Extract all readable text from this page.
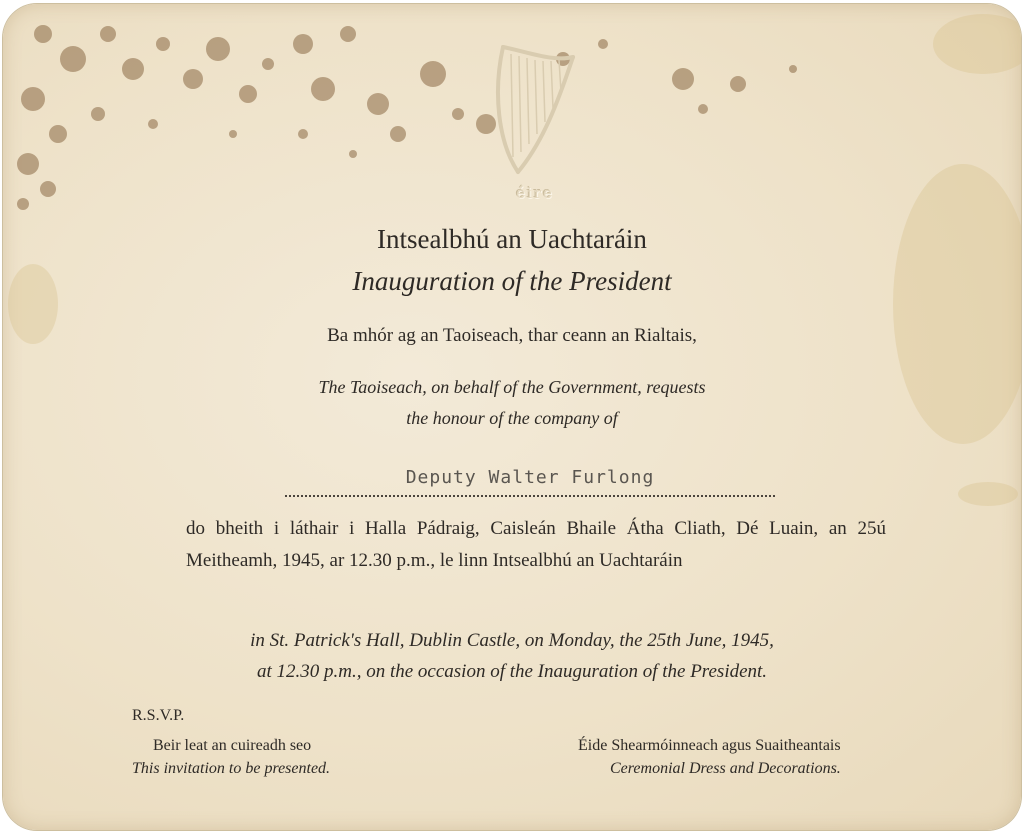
éire
Intsealbhú an Uachtaráin
Inauguration of the President
Ba mhór ag an Taoiseach, thar ceann an Rialtais,
The Taoiseach, on behalf of the Government, requests
the honour of the company of
Deputy Walter Furlong
do bheith i láthair i Halla Pádraig, Caisleán Bhaile Átha Cliath, Dé Luain, an 25ú Meitheamh, 1945, ar 12.30 p.m., le linn Intsealbhú an Uachtaráin
in St. Patrick's Hall, Dublin Castle, on Monday, the 25th June, 1945,
at 12.30 p.m., on the occasion of the Inauguration of the President.
R.S.V.P.
Beir leat an cuireadh seo
This invitation to be presented.
Éide Shearmóinneach agus Suaitheantais
Ceremonial Dress and Decorations.
